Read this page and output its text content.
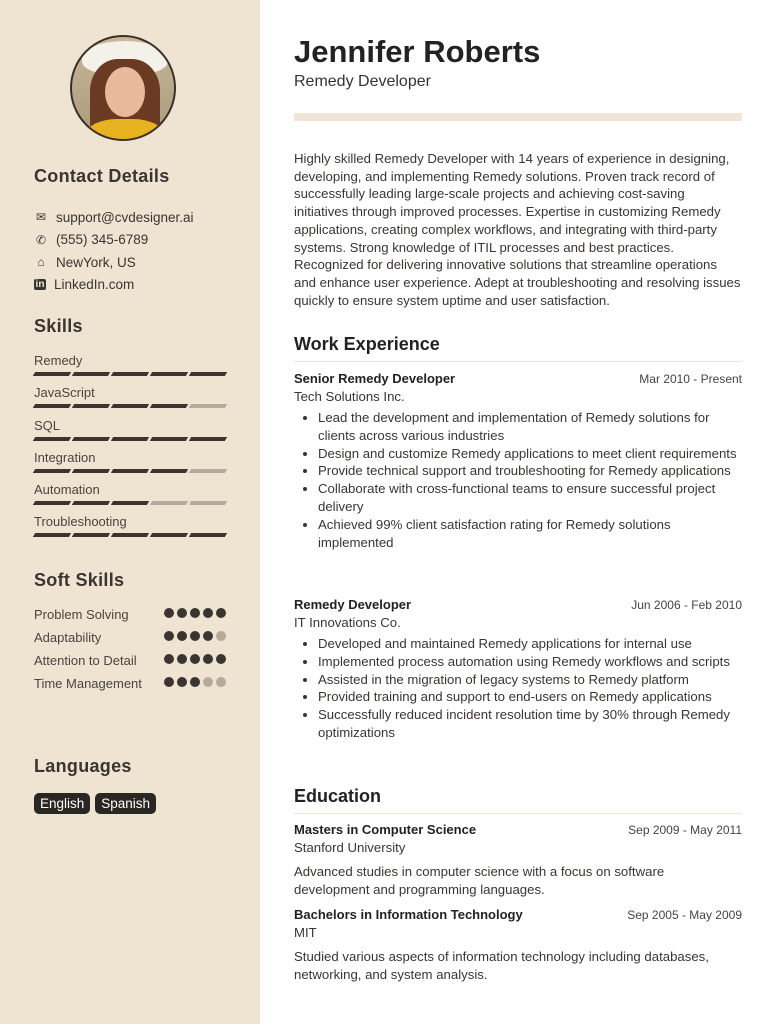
Contact Details
✉ support@cvdesigner.ai
✆ (555) 345-6789
⌂ NewYork, US
in LinkedIn.com
Skills
Remedy
JavaScript
SQL
Integration
Automation
Troubleshooting
Soft Skills
Problem Solving
Adaptability
Attention to Detail
Time Management
Languages
English	Spanish
Jennifer Roberts
Remedy Developer
Highly skilled Remedy Developer with 14 years of experience in designing, developing, and implementing Remedy solutions. Proven track record of successfully leading large-scale projects and achieving cost-saving initiatives through improved processes. Expertise in customizing Remedy applications, creating complex workflows, and integrating with third-party systems. Strong knowledge of ITIL processes and best practices. Recognized for delivering innovative solutions that streamline operations and enhance user experience. Adept at troubleshooting and resolving issues quickly to ensure system uptime and user satisfaction.
Work Experience
Senior Remedy Developer	Mar 2010 - Present
Tech Solutions Inc.
• Lead the development and implementation of Remedy solutions for clients across various industries
• Design and customize Remedy applications to meet client requirements
• Provide technical support and troubleshooting for Remedy applications
• Collaborate with cross-functional teams to ensure successful project delivery
• Achieved 99% client satisfaction rating for Remedy solutions implemented
Remedy Developer	Jun 2006 - Feb 2010
IT Innovations Co.
• Developed and maintained Remedy applications for internal use
• Implemented process automation using Remedy workflows and scripts
• Assisted in the migration of legacy systems to Remedy platform
• Provided training and support to end-users on Remedy applications
• Successfully reduced incident resolution time by 30% through Remedy optimizations
Education
Masters in Computer Science	Sep 2009 - May 2011
Stanford University
Advanced studies in computer science with a focus on software development and programming languages.
Bachelors in Information Technology	Sep 2005 - May 2009
MIT
Studied various aspects of information technology including databases, networking, and system analysis.
